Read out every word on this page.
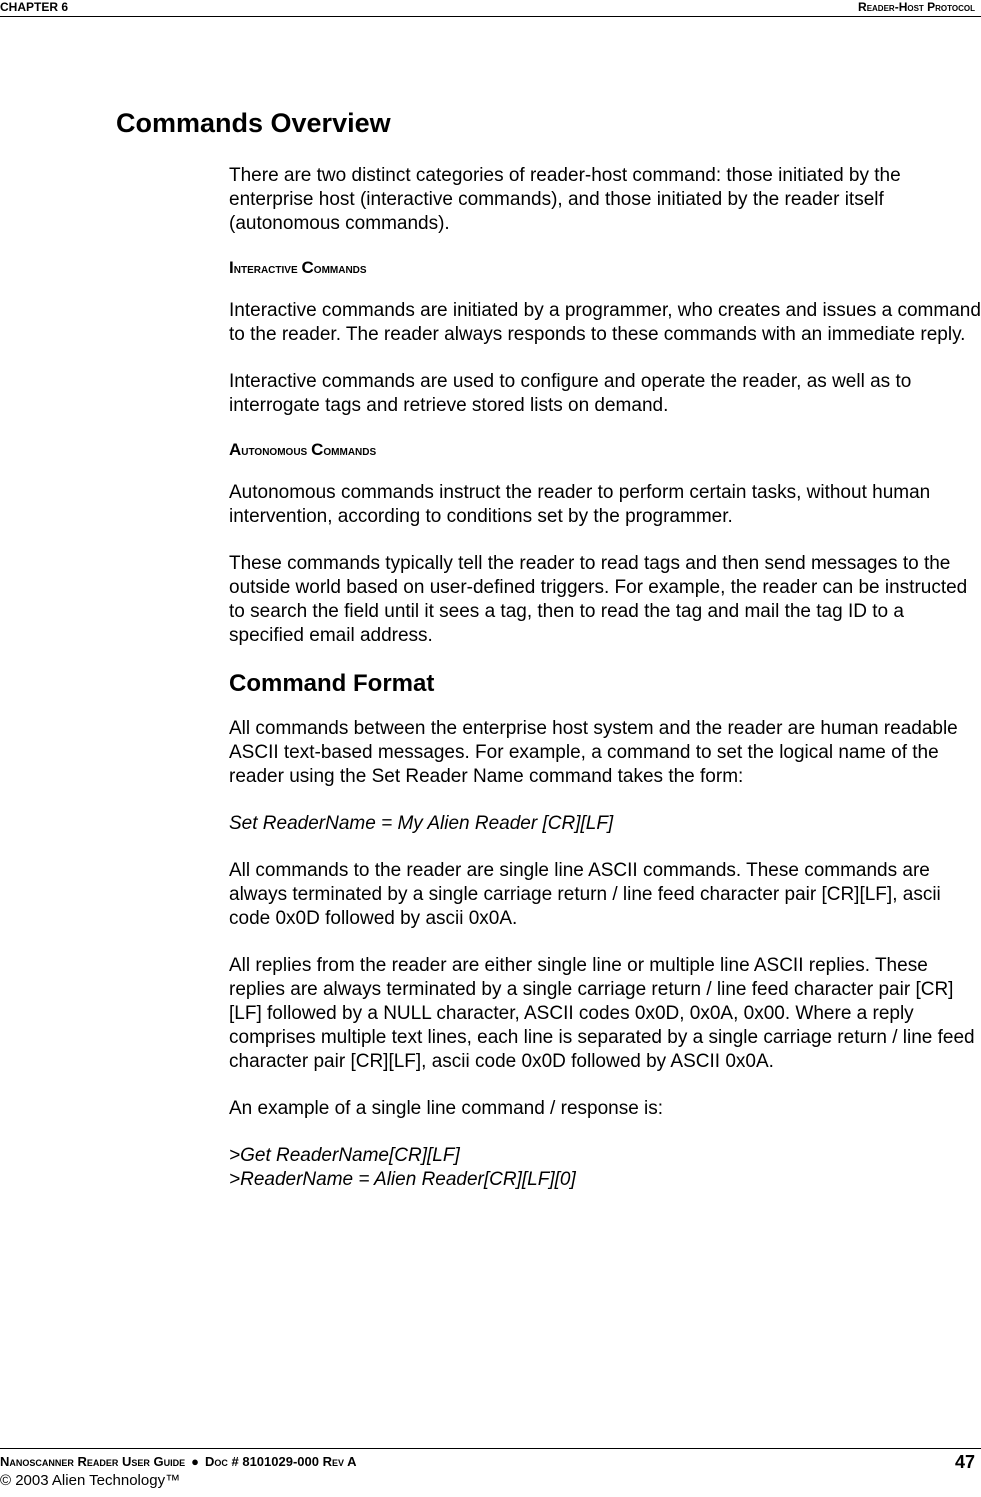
CHAPTER 6	Reader-Host Protocol
Commands Overview

There are two distinct categories of reader-host command: those initiated by the enterprise host (interactive commands), and those initiated by the reader itself (autonomous commands).

Interactive Commands

Interactive commands are initiated by a programmer, who creates and issues a command to the reader. The reader always responds to these commands with an immediate reply.

Interactive commands are used to configure and operate the reader, as well as to interrogate tags and retrieve stored lists on demand.

Autonomous Commands

Autonomous commands instruct the reader to perform certain tasks, without human intervention, according to conditions set by the programmer.

These commands typically tell the reader to read tags and then send messages to the outside world based on user-defined triggers. For example, the reader can be instructed to search the field until it sees a tag, then to read the tag and mail the tag ID to a specified email address.

Command Format

All commands between the enterprise host system and the reader are human readable ASCII text-based messages. For example, a command to set the logical name of the reader using the Set Reader Name command takes the form:

Set ReaderName = My Alien Reader [CR][LF]

All commands to the reader are single line ASCII commands. These commands are always terminated by a single carriage return / line feed character pair [CR][LF], ascii code 0x0D followed by ascii 0x0A.

All replies from the reader are either single line or multiple line ASCII replies. These replies are always terminated by a single carriage return / line feed character pair [CR][LF] followed by a NULL character, ASCII codes 0x0D, 0x0A, 0x00. Where a reply comprises multiple text lines, each line is separated by a single carriage return / line feed character pair [CR][LF], ascii code 0x0D followed by ASCII 0x0A.

An example of a single line command / response is:

>Get ReaderName[CR][LF]

>ReaderName = Alien Reader[CR][LF][0]

Nanoscanner Reader User Guide ● Doc # 8101029-000 Rev A	47
© 2003 Alien Technology™
